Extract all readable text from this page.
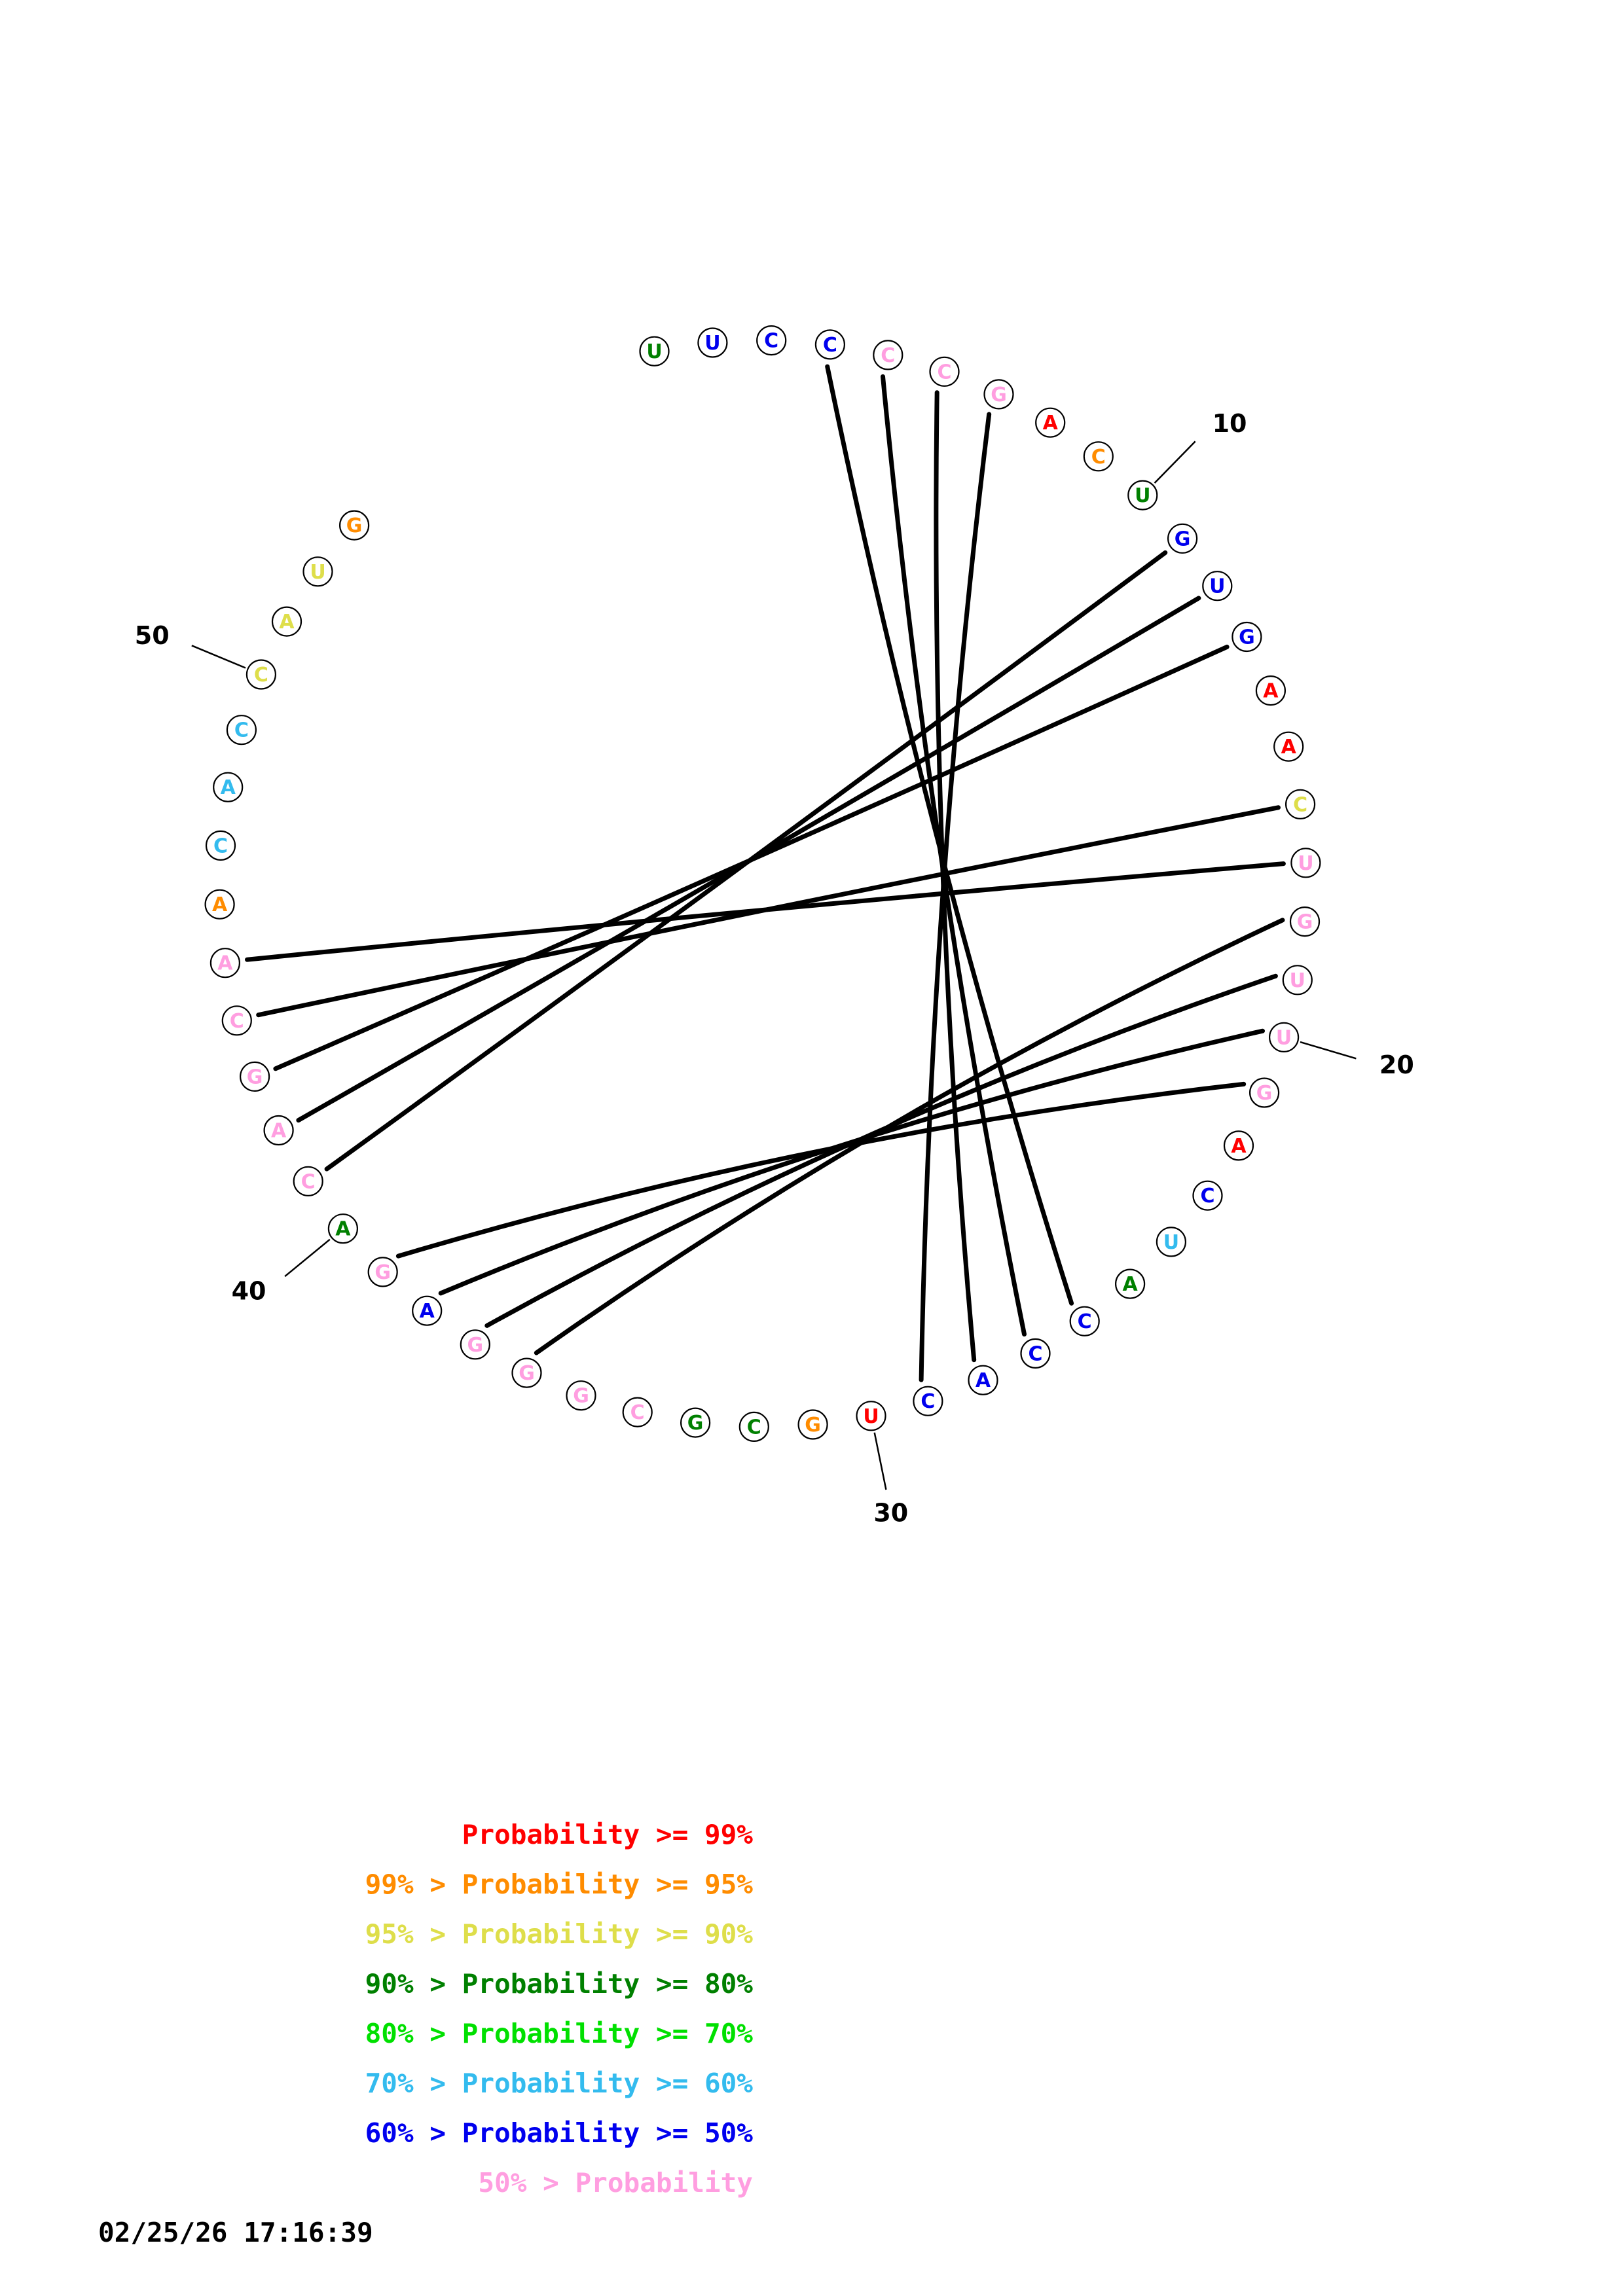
U U C C C
C
G
A
C
U
G
U
G
A
A
C
U
G
U
U
G
A
C
U
A
C
C
A
C
U
G
C
G
C
G
G
G
A
G
A
C
A
G
C
A
A
C
A
C
C
A
U
G
10
20
30
40
50
Probability >= 99%
99% > Probability >= 95%
95% > Probability >= 90%
90% > Probability >= 80%
80% > Probability >= 70%
70% > Probability >= 60%
60% > Probability >= 50%
50% > Probability
02/25/26 17:16:39
